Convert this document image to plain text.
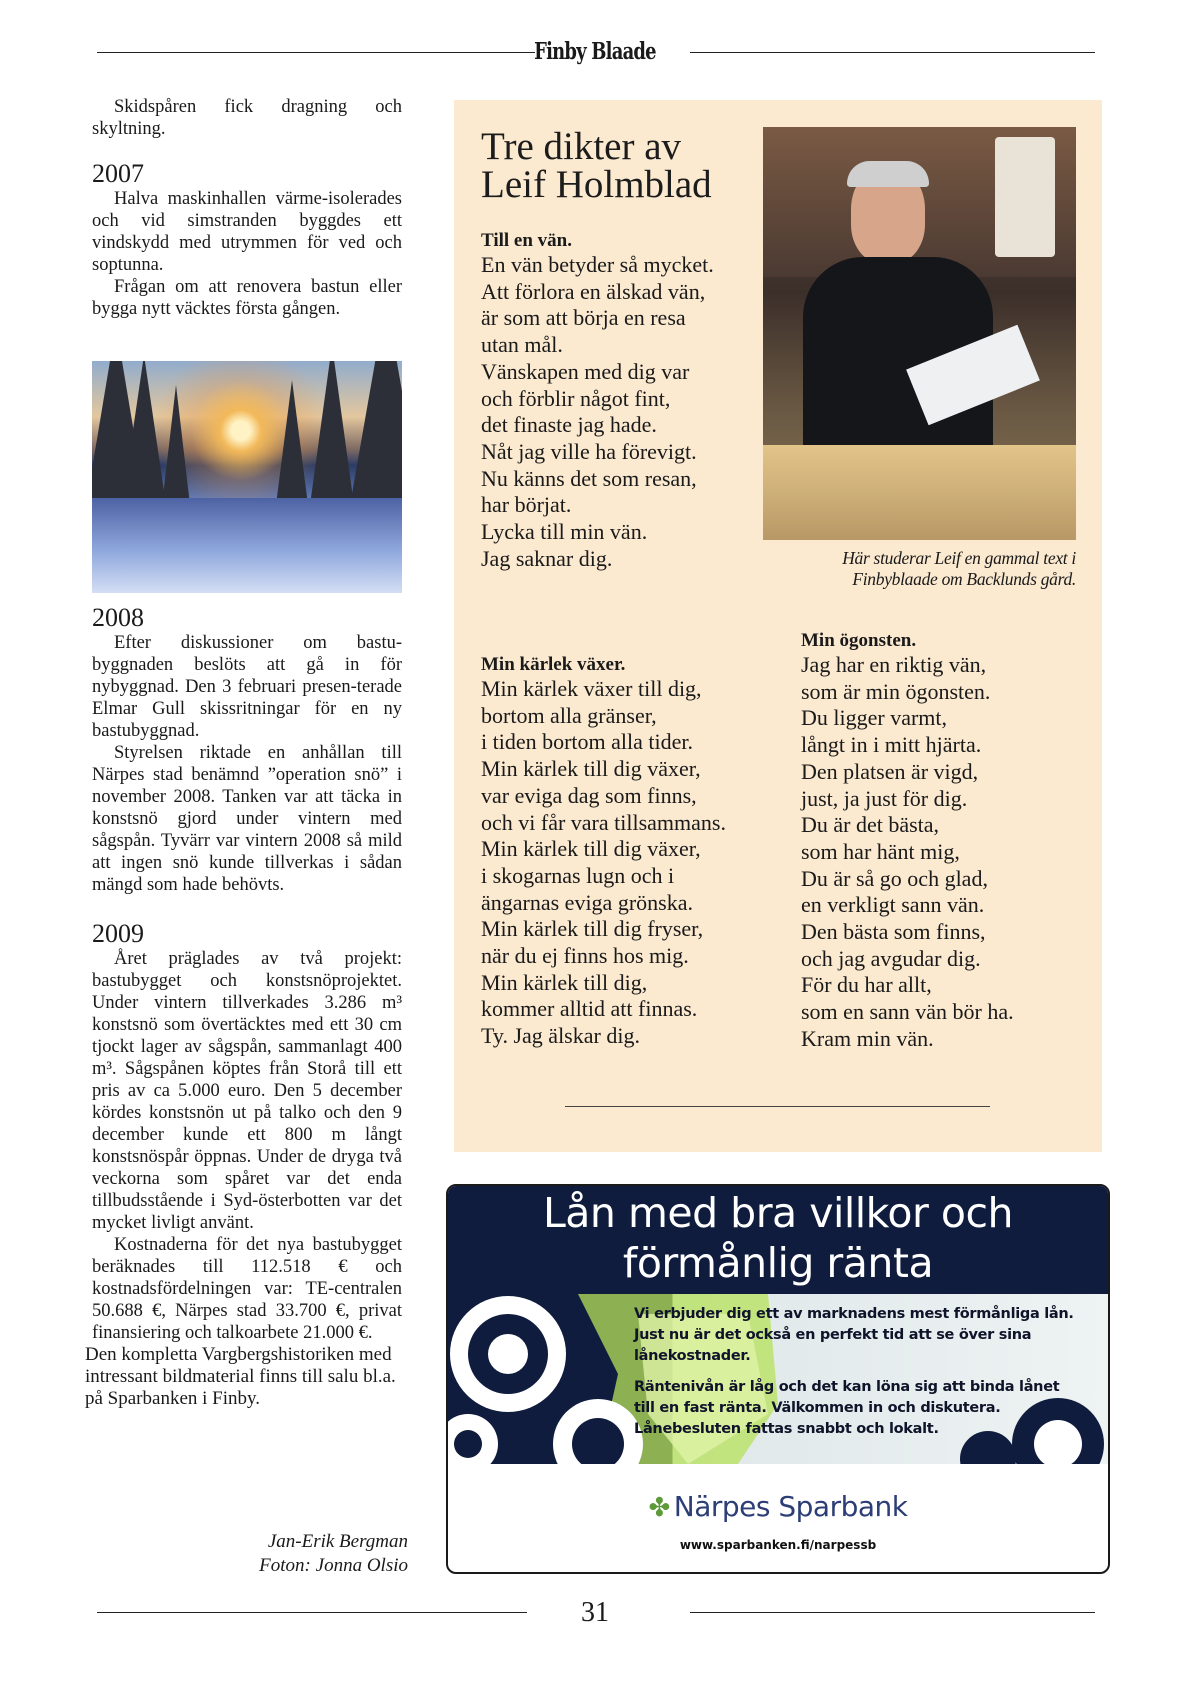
Finby Blaade

Skidspåren fick dragning och skyltning.

2007

Halva maskinhallen värme-isolerades och vid simstranden byggdes ett vindskydd med utrymmen för ved och soptunna.

Frågan om att renovera bastun eller bygga nytt väcktes första gången.

2008

Efter diskussioner om bastu-byggnaden beslöts att gå in för nybyggnad. Den 3 februari presen-terade Elmar Gull skissritningar för en ny bastubyggnad.

Styrelsen riktade en anhållan till Närpes stad benämnd ”operation snö” i november 2008. Tanken var att täcka in konstsnö gjord under vintern med sågspån. Tyvärr var vintern 2008 så mild att ingen snö kunde tillverkas i sådan mängd som hade behövts.

2009

Året präglades av två projekt: bastubygget och konstsnöprojektet. Under vintern tillverkades 3.286 m³ konstsnö som övertäcktes med ett 30 cm tjockt lager av sågspån, sammanlagt 400 m³. Sågspånen köptes från Storå till ett pris av ca 5.000 euro. Den 5 december kördes konstsnön ut på talko och den 9 december kunde ett 800 m långt konstsnöspår öppnas. Under de dryga två veckorna som spåret var det enda tillbudsstående i Syd-österbotten var det mycket livligt använt.

Kostnaderna för det nya bastubygget beräknades till 112.518 € och kostnadsfördelningen var: TE-centralen 50.688 €, Närpes stad 33.700 €, privat finansiering och talkoarbete 21.000 €.

Den kompletta Vargbergshistoriken med intressant bildmaterial finns till salu bl.a. på Sparbanken i Finby.

Jan-Erik Bergman
Foton: Jonna Olsio
Tre dikter av
Leif Holmblad
Här studerar Leif en gammal text i
Finbyblaade om Backlunds gård.
Till en vän.
En vän betyder så mycket.
Att förlora en älskad vän,
är som att börja en resa
utan mål.
Vänskapen med dig var
och förblir något fint,
det finaste jag hade.
Nåt jag ville ha förevigt.
Nu känns det som resan,
har börjat.
Lycka till min vän.
Jag saknar dig.
Min kärlek växer.
Min kärlek växer till dig,
bortom alla gränser,
i tiden bortom alla tider.
Min kärlek till dig växer,
var eviga dag som finns,
och vi får vara tillsammans.
Min kärlek till dig växer,
i skogarnas lugn och i
ängarnas eviga grönska.
Min kärlek till dig fryser,
när du ej finns hos mig.
Min kärlek till dig,
kommer alltid att finnas.
Ty. Jag älskar dig.
Min ögonsten.
Jag har en riktig vän,
som är min ögonsten.
Du ligger varmt,
långt in i mitt hjärta.
Den platsen är vigd,
just, ja just för dig.
Du är det bästa,
som har hänt mig,
Du är så go och glad,
en verkligt sann vän.
Den bästa som finns,
och jag avgudar dig.
För du har allt,
som en sann vän bör ha.
Kram min vän.
Lån med bra villkor och
förmånlig ränta

Vi erbjuder dig ett av marknadens mest förmånliga lån. Just nu är det också en perfekt tid att se över sina lånekostnader.

Räntenivån är låg och det kan löna sig att binda lånet till en fast ränta. Välkommen in och diskutera. Lånebesluten fattas snabbt och lokalt.

✤ Närpes Sparbank
www.sparbanken.fi/narpessb
31
